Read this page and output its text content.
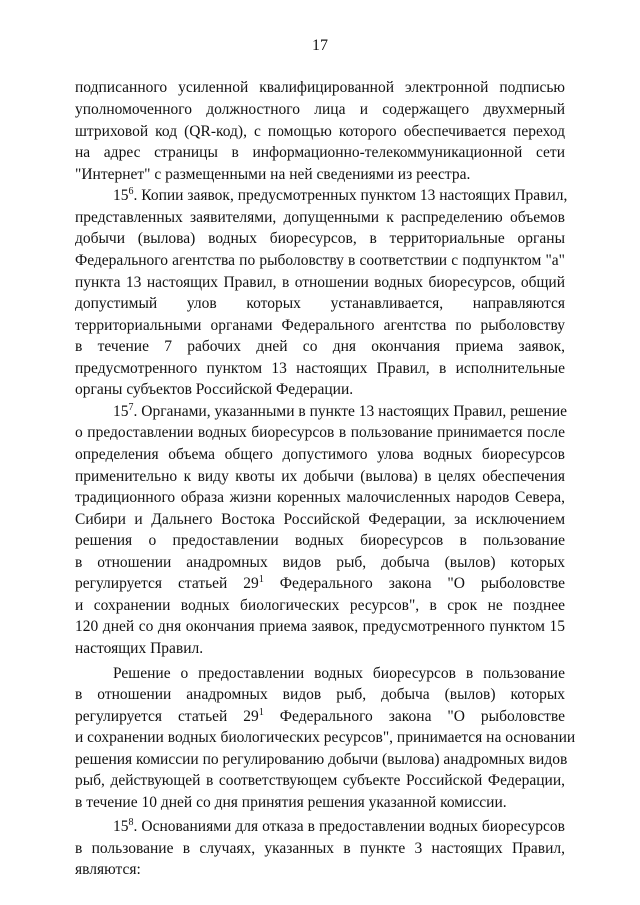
17
подписанного усиленной квалифицированной электронной подписью
уполномоченного должностного лица и содержащего двухмерный
штриховой код (QR-код), с помощью которого обеспечивается переход
на адрес страницы в информационно-телекоммуникационной сети
"Интернет" с размещенными на ней сведениями из реестра.
$15^6$. Копии заявок, предусмотренных пунктом 13 настоящих Правил,
представленных заявителями, допущенными к распределению объемов
добычи (вылова) водных биоресурсов, в территориальные органы
Федерального агентства по рыболовству в соответствии с подпунктом "а"
пункта 13 настоящих Правил, в отношении водных биоресурсов, общий
допустимый улов которых устанавливается, направляются
территориальными органами Федерального агентства по рыболовству
в течение 7 рабочих дней со дня окончания приема заявок,
предусмотренного пунктом 13 настоящих Правил, в исполнительные
органы субъектов Российской Федерации.
$15^7$. Органами, указанными в пункте 13 настоящих Правил, решение
о предоставлении водных биоресурсов в пользование принимается после
определения объема общего допустимого улова водных биоресурсов
применительно к виду квоты их добычи (вылова) в целях обеспечения
традиционного образа жизни коренных малочисленных народов Севера,
Сибири и Дальнего Востока Российской Федерации, за исключением
решения о предоставлении водных биоресурсов в пользование
в отношении анадромных видов рыб, добыча (вылов) которых
регулируется статьей $29^1$ Федерального закона "О рыболовстве
и сохранении водных биологических ресурсов", в срок не позднее
120 дней со дня окончания приема заявок, предусмотренного пунктом 15
настоящих Правил.
Решение о предоставлении водных биоресурсов в пользование
в отношении анадромных видов рыб, добыча (вылов) которых
регулируется статьей $29^1$ Федерального закона "О рыболовстве
и сохранении водных биологических ресурсов", принимается на основании
решения комиссии по регулированию добычи (вылова) анадромных видов
рыб, действующей в соответствующем субъекте Российской Федерации,
в течение 10 дней со дня принятия решения указанной комиссии.
$15^8$. Основаниями для отказа в предоставлении водных биоресурсов
в пользование в случаях, указанных в пункте 3 настоящих Правил,
являются:
